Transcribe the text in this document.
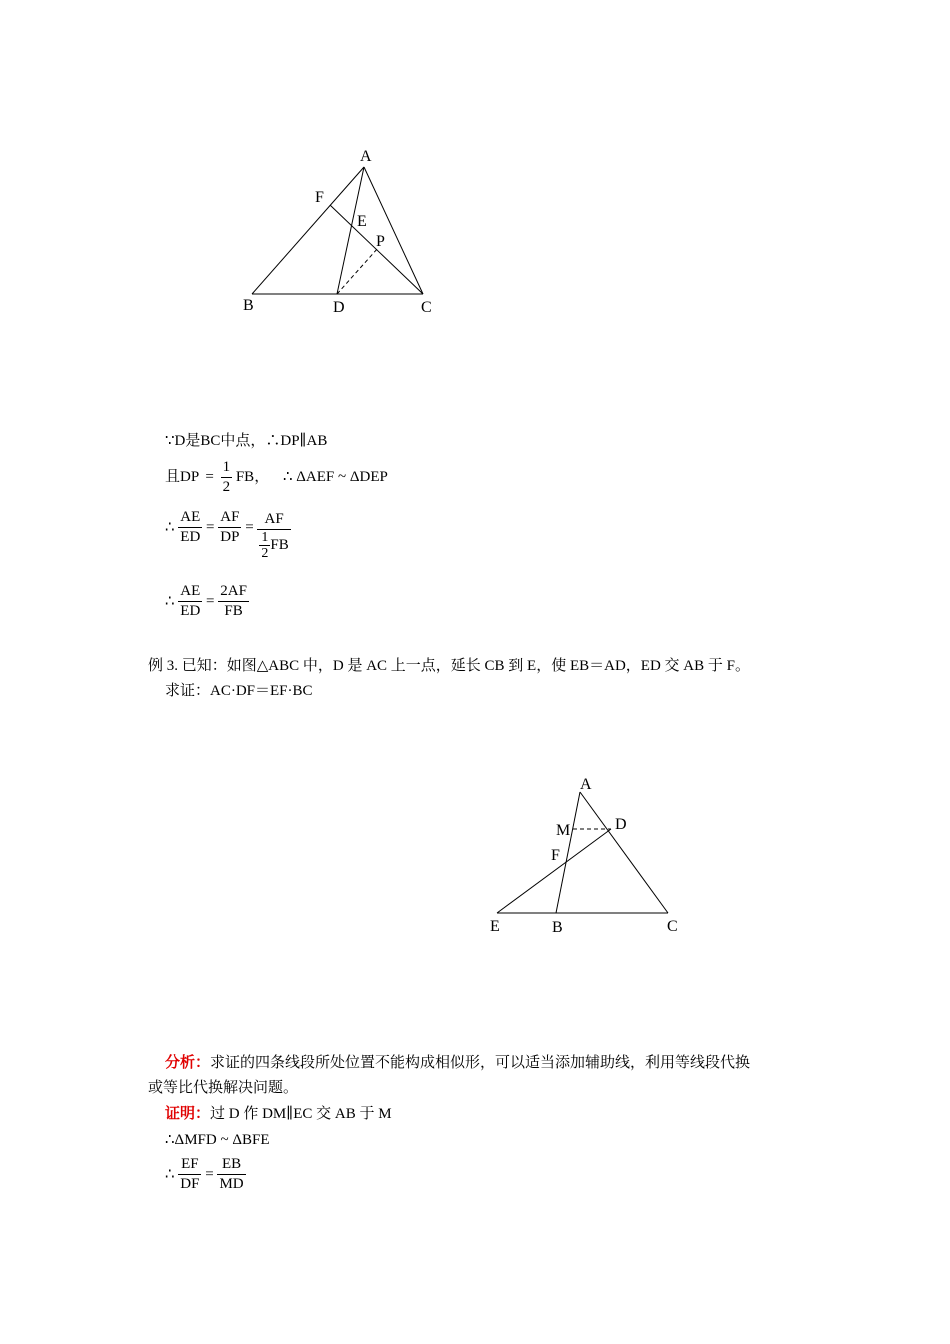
A
F
E
P
B	D	C
∵D是BC中点，∴DP∥AB
且DP = $\frac{1}{2}$ FB， ∴ ΔAEF ~ ΔDEP
∴ $\frac{AE}{ED} = \frac{AF}{DP} = \frac{AF}{\frac{1}{2} FB}$
∴ $\frac{AE}{ED} = \frac{2AF}{FB}$
例 3. 已知：如图△ABC 中，D 是 AC 上一点，延长 CB 到 E，使 EB＝AD，ED 交 AB 于 F。
求证：AC·DF＝EF·BC
A
M	D
F
E	B	C
分析：求证的四条线段所处位置不能构成相似形，可以适当添加辅助线，利用等线段代换
或等比代换解决问题。
证明：过 D 作 DM∥EC 交 AB 于 M
∴ΔMFD ~ ΔBFE
∴ $\frac{EF}{DF} = \frac{EB}{MD}$
